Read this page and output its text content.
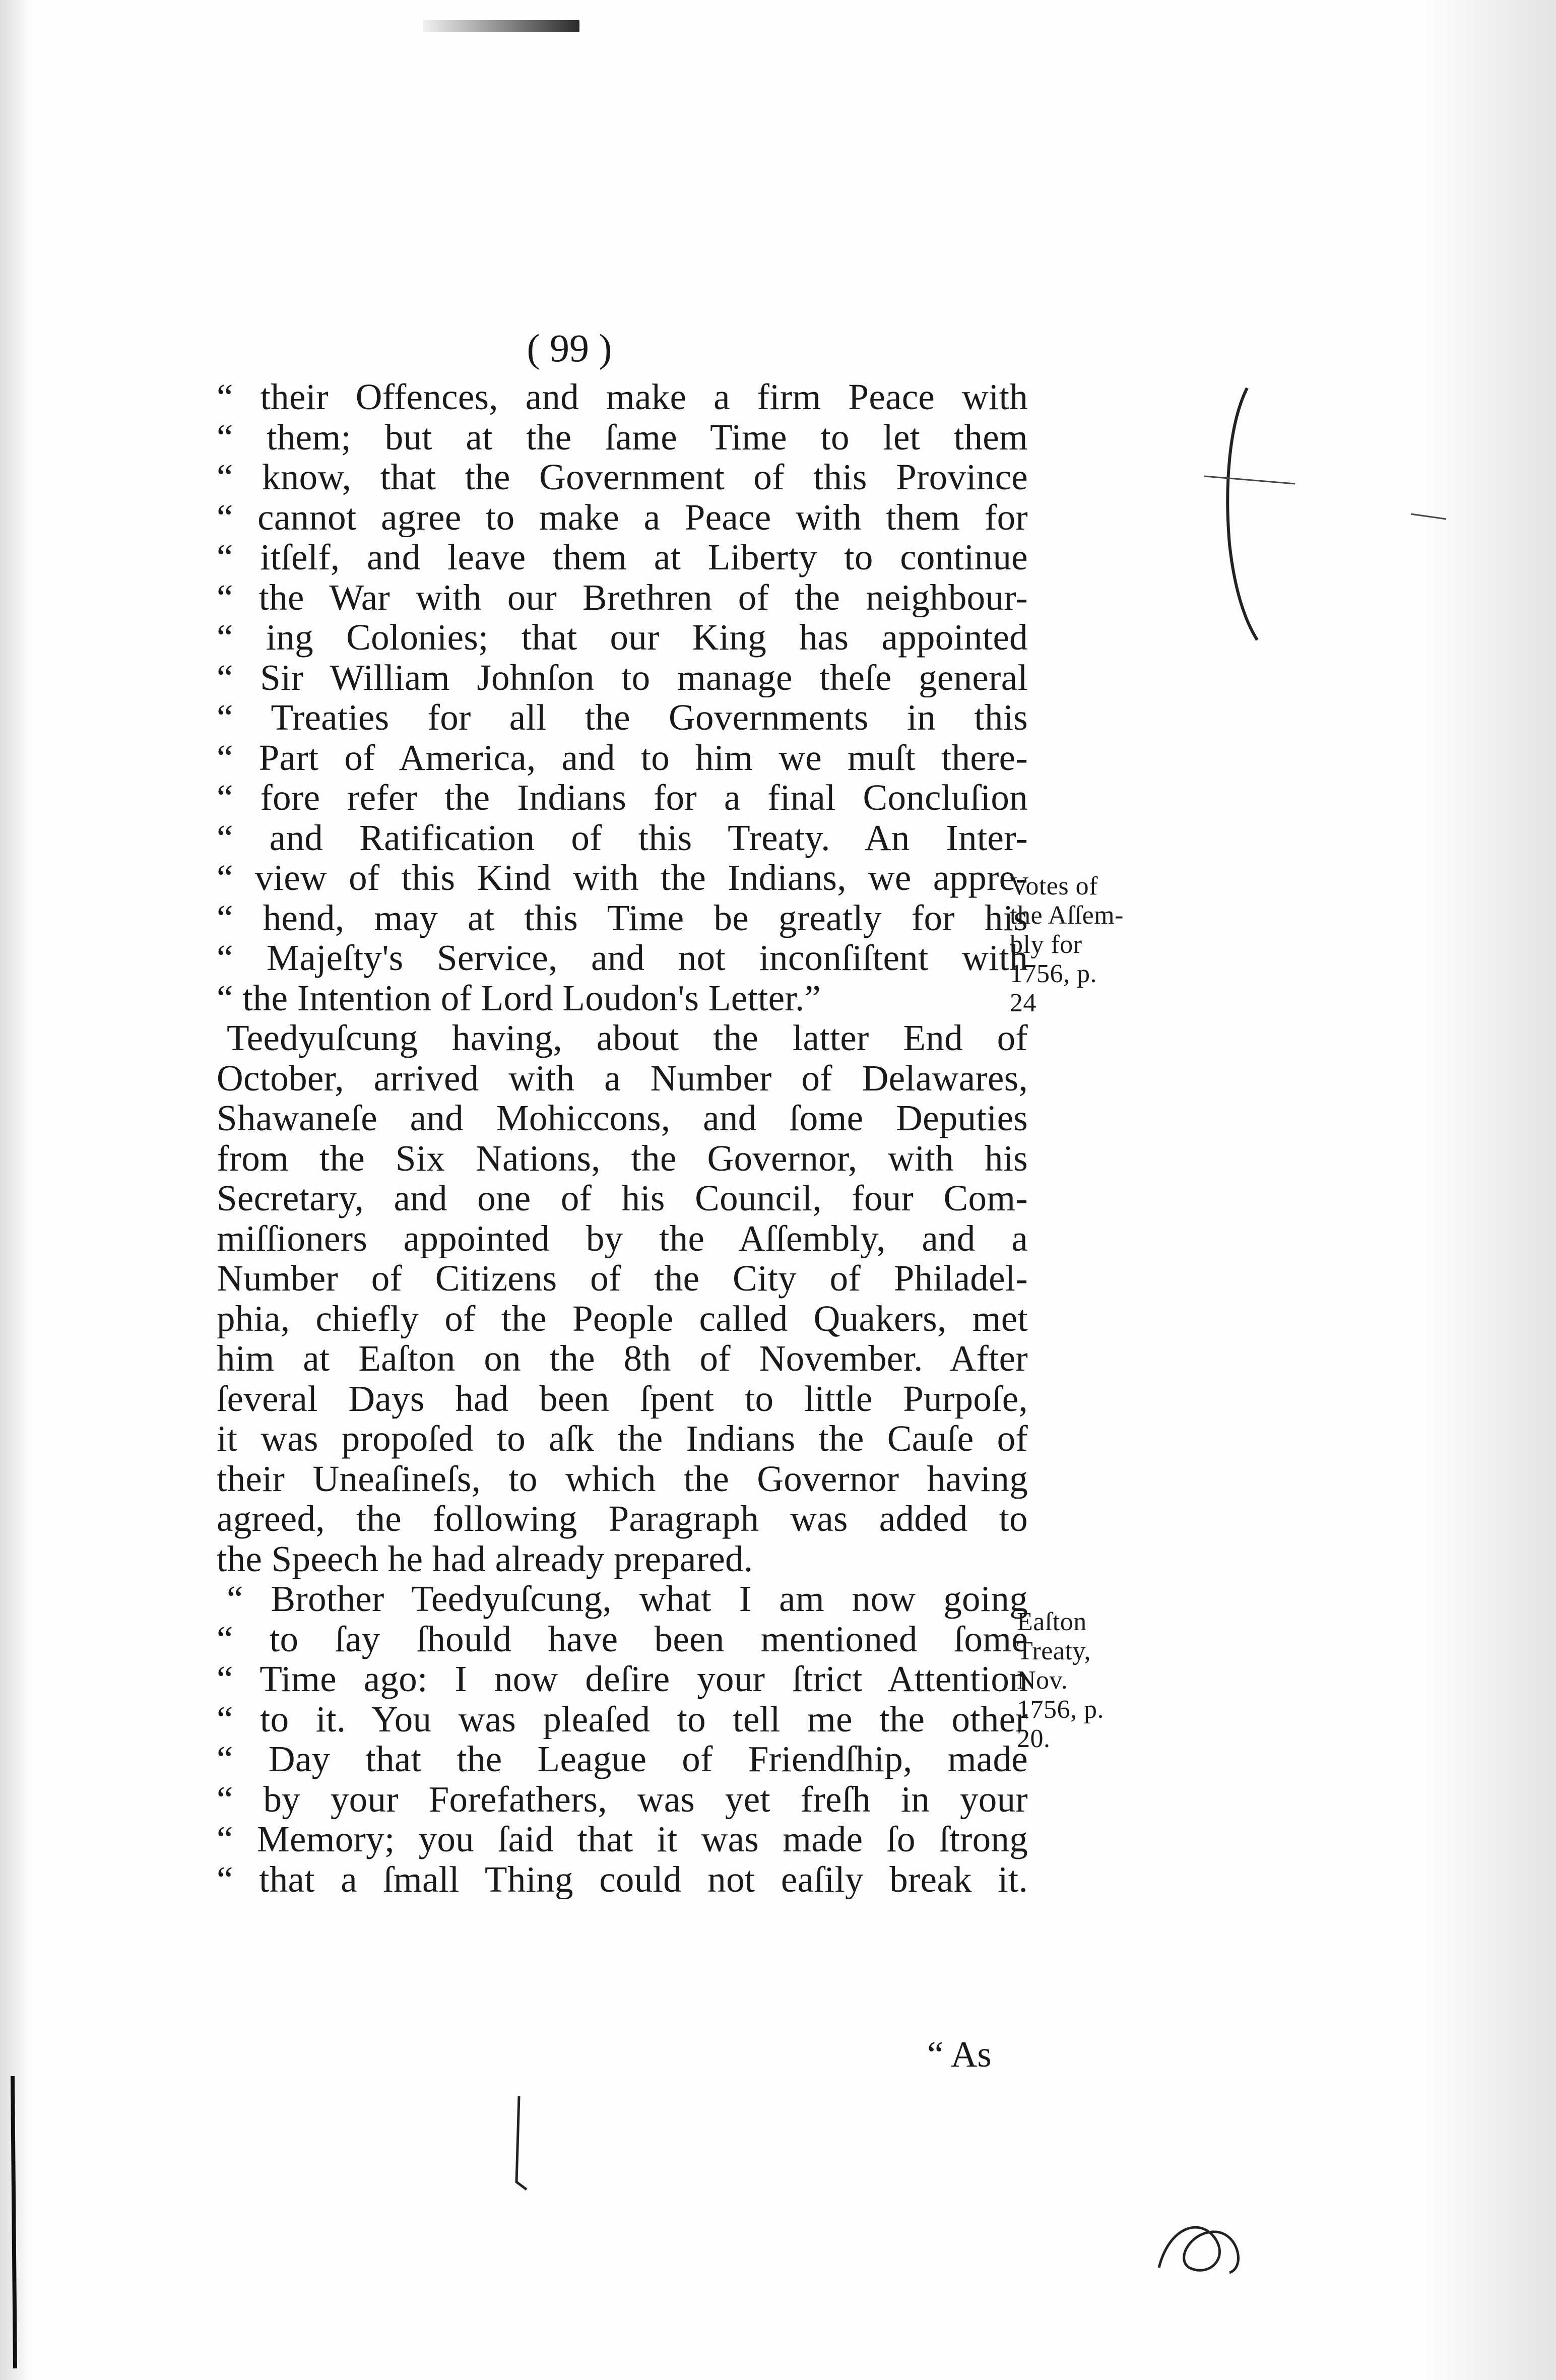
( 99 )
“ their Offences, and make a firm Peace with
“ them; but at the ſame Time to let them
“ know, that the Government of this Province
“ cannot agree to make a Peace with them for
“ itſelf, and leave them at Liberty to continue
“ the War with our Brethren of the neighbour-
“ ing Colonies; that our King has appointed
“ Sir William Johnſon to manage theſe general
“ Treaties for all the Governments in this
“ Part of America, and to him we muſt there-
“ fore refer the Indians for a final Concluſion
“ and Ratification of this Treaty. An Inter-
“ view of this Kind with the Indians, we appre-
“ hend, may at this Time be greatly for his
“ Majeſty's Service, and not inconſiſtent with
“ the Intention of Lord Loudon's Letter.”
Teedyuſcung having, about the latter End of
October, arrived with a Number of Delawares,
Shawaneſe and Mohiccons, and ſome Deputies
from the Six Nations, the Governor, with his
Secretary, and one of his Council, four Com-
miſſioners appointed by the Aſſembly, and a
Number of Citizens of the City of Philadel-
phia, chiefly of the People called Quakers, met
him at Eaſton on the 8th of November. After
ſeveral Days had been ſpent to little Purpoſe,
it was propoſed to aſk the Indians the Cauſe of
their Uneaſineſs, to which the Governor having
agreed, the following Paragraph was added to
the Speech he had already prepared.
“ Brother Teedyuſcung, what I am now going
“ to ſay ſhould have been mentioned ſome
“ Time ago: I now deſire your ſtrict Attention
“ to it. You was pleaſed to tell me the other
“ Day that the League of Friendſhip, made
“ by your Forefathers, was yet freſh in your
“ Memory; you ſaid that it was made ſo ſtrong
“ that a ſmall Thing could not eaſily break it.
“ As
Votes of
the Aſſem-
bly for
1756, p.
24
Eaſton
Treaty,
Nov.
1756, p.
20.
